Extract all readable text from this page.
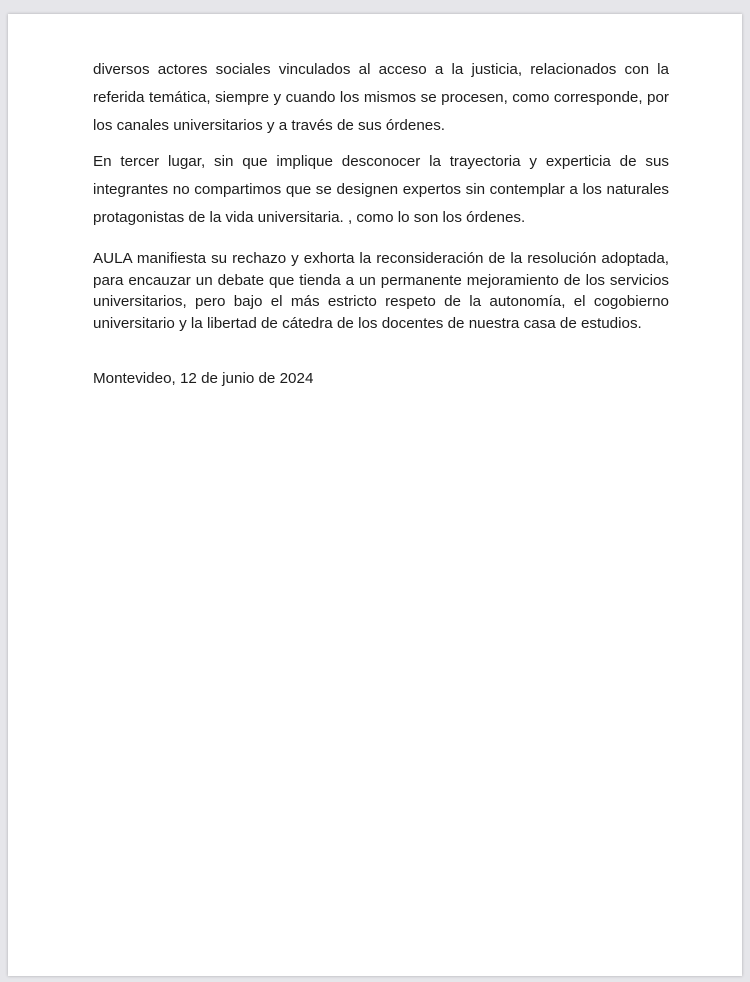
diversos actores sociales vinculados al acceso a la justicia, relacionados con la referida temática, siempre y cuando los mismos se procesen, como corresponde, por los canales universitarios y a través de sus órdenes.

En tercer lugar, sin que implique desconocer la trayectoria y experticia de sus integrantes no compartimos que se designen expertos sin contemplar a los naturales protagonistas de la vida universitaria. , como lo son los órdenes.

AULA manifiesta su rechazo y exhorta la reconsideración de la resolución adoptada, para encauzar un debate que tienda a un permanente mejoramiento de los servicios universitarios, pero bajo el más estricto respeto de la autonomía, el cogobierno universitario y la libertad de cátedra de los docentes de nuestra casa de estudios.

Montevideo, 12 de junio de 2024
